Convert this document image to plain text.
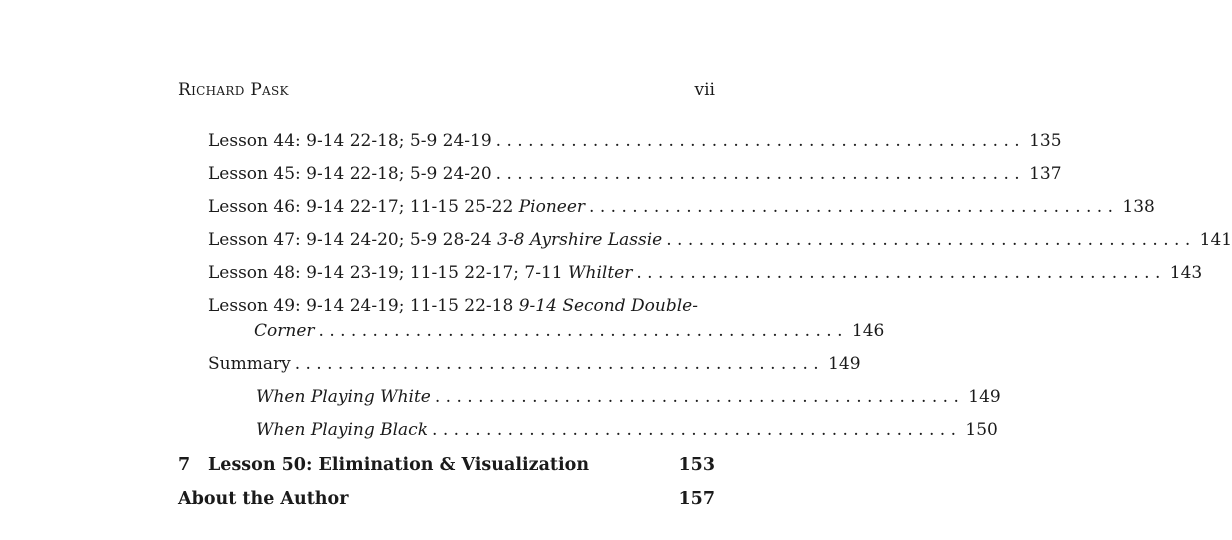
Richard Pask	vii
Lesson 44: 9-14 22-18; 5-9 24-19 ................................................. 135
Lesson 45: 9-14 22-18; 5-9 24-20 ................................................. 137
Lesson 46: 9-14 22-17; 11-15 25-22 Pioneer ................................................. 138
Lesson 47: 9-14 24-20; 5-9 28-24 3-8 Ayrshire Lassie ................................................. 141
Lesson 48: 9-14 23-19; 11-15 22-17; 7-11 Whilter ................................................. 143
Lesson 49: 9-14 24-19; 11-15 22-18 9-14 Second Double-
Corner ................................................. 146
Summary ................................................. 149
When Playing White ................................................. 149
When Playing Black ................................................. 150
7 Lesson 50: Elimination & Visualization	153
About the Author	157
